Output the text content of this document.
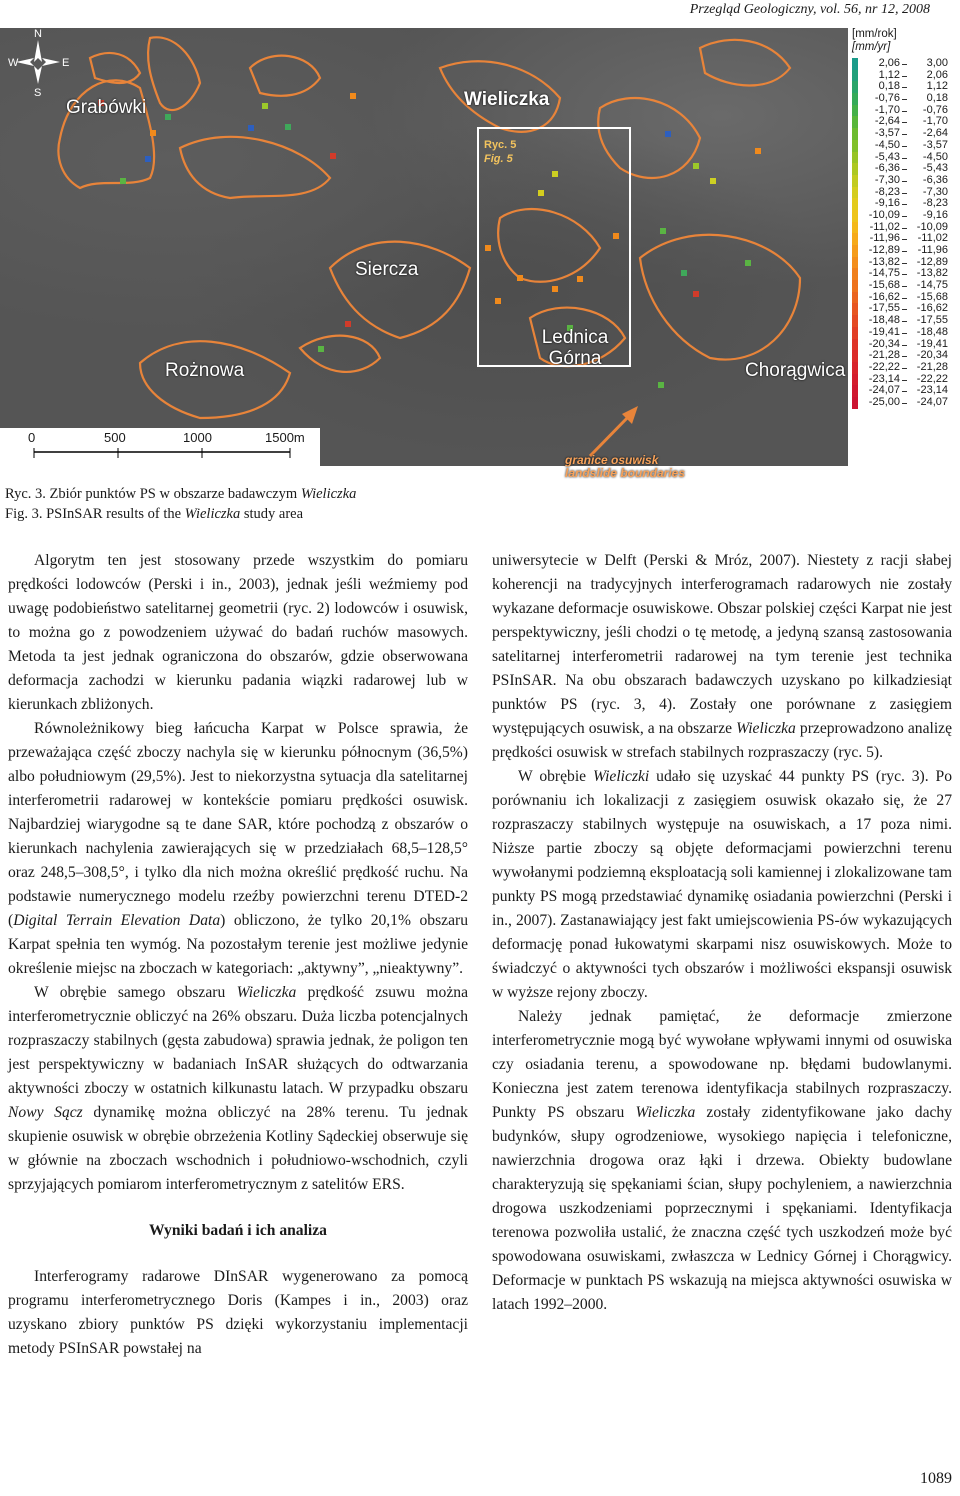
Przegląd Geologiczny, vol. 56, nr 12, 2008
N
S
W	E
Ryc. 5
Fig. 5
Grabówki	Wieliczka
Siercza
Rożnowa
Lednica Górna
Chorągwica
0	500	1000	1500m
granice osuwisk
landslide boundaries
[mm/rok]
[mm/yr]
2,06 3,00
1,12 2,06
0,18 1,12
-0,76 0,18
-1,70 -0,76
-2,64 -1,70
-3,57 -2,64
-4,50 -3,57
-5,43 -4,50
-6,36 -5,43
-7,30 -6,36
-8,23 -7,30
-9,16 -8,23
-10,09 -9,16
-11,02 -10,09
-11,96 -11,02
-12,89 -11,96
-13,82 -12,89
-14,75 -13,82
-15,68 -14,75
-16,62 -15,68
-17,55 -16,62
-18,48 -17,55
-19,41 -18,48
-20,34 -19,41
-21,28 -20,34
-22,22 -21,28
-23,14 -22,22
-24,07 -23,14
-25,00 -24,07
Ryc. 3. Zbiór punktów PS w obszarze badawczym Wieliczka
Fig. 3. PSInSAR results of the Wieliczka study area

Algorytm ten jest stosowany przede wszystkim do pomiaru prędkości lodowców (Perski i in., 2003), jednak jeśli weźmiemy pod uwagę podobieństwo satelitarnej geometrii (ryc. 2) lodowców i osuwisk, to można go z powodzeniem używać do badań ruchów masowych. Metoda ta jest jednak ograniczona do obszarów, gdzie obserwowana deformacja zachodzi w kierunku padania wiązki radarowej lub w kierunkach zbliżonych.

Równoleżnikowy bieg łańcucha Karpat w Polsce sprawia, że przeważająca część zboczy nachyla się w kierunku północnym (36,5%) albo południowym (29,5%). Jest to niekorzystna sytuacja dla satelitarnej interferometrii radarowej w kontekście pomiaru prędkości osuwisk. Najbardziej wiarygodne są te dane SAR, które pochodzą z obszarów o kierunkach nachylenia zawierających się w przedziałach 68,5–128,5° oraz 248,5–308,5°, i tylko dla nich można określić prędkość ruchu. Na podstawie numerycznego modelu rzeźby powierzchni terenu DTED-2 (Digital Terrain Elevation Data) obliczono, że tylko 20,1% obszaru Karpat spełnia ten wymóg. Na pozostałym terenie jest możliwe jedynie określenie miejsc na zboczach w kategoriach: „aktywny”, „nieaktywny”.

W obrębie samego obszaru Wieliczka prędkość zsuwu można interferometrycznie obliczyć na 26% obszaru. Duża liczba potencjalnych rozpraszaczy stabilnych (gęsta zabudowa) sprawia jednak, że poligon ten jest perspektywiczny w badaniach InSAR służących do odtwarzania aktywności zboczy w ostatnich kilkunastu latach. W przypadku obszaru Nowy Sącz dynamikę można obliczyć na 28% terenu. Tu jednak skupienie osuwisk w obrębie obrzeżenia Kotliny Sądeckiej obserwuje się w głównie na zboczach wschodnich i południowo-wschodnich, czyli sprzyjających pomiarom interferometrycznym z satelitów ERS.

Wyniki badań i ich analiza

Interferogramy radarowe DInSAR wygenerowano za pomocą programu interferometrycznego Doris (Kampes i in., 2003) oraz uzyskano zbiory punktów PS dzięki wykorzystaniu implementacji metody PSInSAR powstałej na

uniwersytecie w Delft (Perski & Mróz, 2007). Niestety z racji słabej koherencji na tradycyjnych interferogramach radarowych nie zostały wykazane deformacje osuwiskowe. Obszar polskiej części Karpat nie jest perspektywiczny, jeśli chodzi o tę metodę, a jedyną szansą zastosowania satelitarnej interferometrii radarowej na tym terenie jest technika PSInSAR. Na obu obszarach badawczych uzyskano po kilkadziesiąt punktów PS (ryc. 3, 4). Zostały one porównane z zasięgiem występujących osuwisk, a na obszarze Wieliczka przeprowadzono analizę prędkości osuwisk w strefach stabilnych rozpraszaczy (ryc. 5).

W obrębie Wieliczki udało się uzyskać 44 punkty PS (ryc. 3). Po porównaniu ich lokalizacji z zasięgiem osuwisk okazało się, że 27 rozpraszaczy stabilnych występuje na osuwiskach, a 17 poza nimi. Niższe partie zboczy są objęte deformacjami powierzchni terenu wywołanymi podziemną eksploatacją soli kamiennej i zlokalizowane tam punkty PS mogą przedstawiać dynamikę osiadania powierzchni (Perski i in., 2007). Zastanawiający jest fakt umiejscowienia PS-ów wykazujących deformację ponad łukowatymi skarpami nisz osuwiskowych. Może to świadczyć o aktywności tych obszarów i możliwości ekspansji osuwisk w wyższe rejony zboczy.

Należy jednak pamiętać, że deformacje zmierzone interferometrycznie mogą być wywołane wpływami innymi od osuwiska czy osiadania terenu, a spowodowane np. błędami budowlanymi. Konieczna jest zatem terenowa identyfikacja stabilnych rozpraszaczy. Punkty PS obszaru Wieliczka zostały zidentyfikowane jako dachy budynków, słupy ogrodzeniowe, wysokiego napięcia i telefoniczne, nawierzchnia drogowa oraz łąki i drzewa. Obiekty budowlane charakteryzują się spękaniami ścian, słupy pochyleniem, a nawierzchnia drogowa uszkodzeniami poprzecznymi i spękaniami. Identyfikacja terenowa pozwoliła ustalić, że znaczna część tych uszkodzeń może być spowodowana osuwiskami, zwłaszcza w Lednicy Górnej i Chorągwicy. Deformacje w punktach PS wskazują na miejsca aktywności osuwiska w latach 1992–2000.

1089
